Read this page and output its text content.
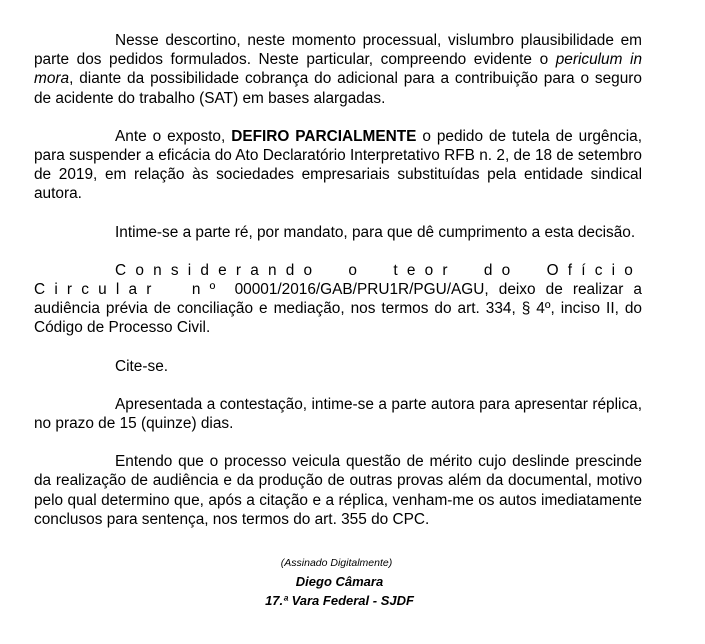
Nesse descortino, neste momento processual, vislumbro plausibilidade em parte dos pedidos formulados. Neste particular, compreendo evidente o periculum in mora, diante da possibilidade cobrança do adicional para a contribuição para o seguro de acidente do trabalho (SAT) em bases alargadas.

Ante o exposto, DEFIRO PARCIALMENTE o pedido de tutela de urgência, para suspender a eficácia do Ato Declaratório Interpretativo RFB n. 2, de 18 de setembro de 2019, em relação às sociedades empresariais substituídas pela entidade sindical autora.

Intime-se a parte ré, por mandato, para que dê cumprimento a esta decisão.

Considerando o teor do Ofício Circular nº 00001/2016/GAB/PRU1R/PGU/AGU, deixo de realizar a audiência prévia de conciliação e mediação, nos termos do art. 334, § 4º, inciso II, do Código de Processo Civil.

Cite-se.

Apresentada a contestação, intime-se a parte autora para apresentar réplica, no prazo de 15 (quinze) dias.

Entendo que o processo veicula questão de mérito cujo deslinde prescinde da realização de audiência e da produção de outras provas além da documental, motivo pelo qual determino que, após a citação e a réplica, venham-me os autos imediatamente conclusos para sentença, nos termos do art. 355 do CPC.

(Assinado Digitalmente)
Diego Câmara
17.ª Vara Federal - SJDF
